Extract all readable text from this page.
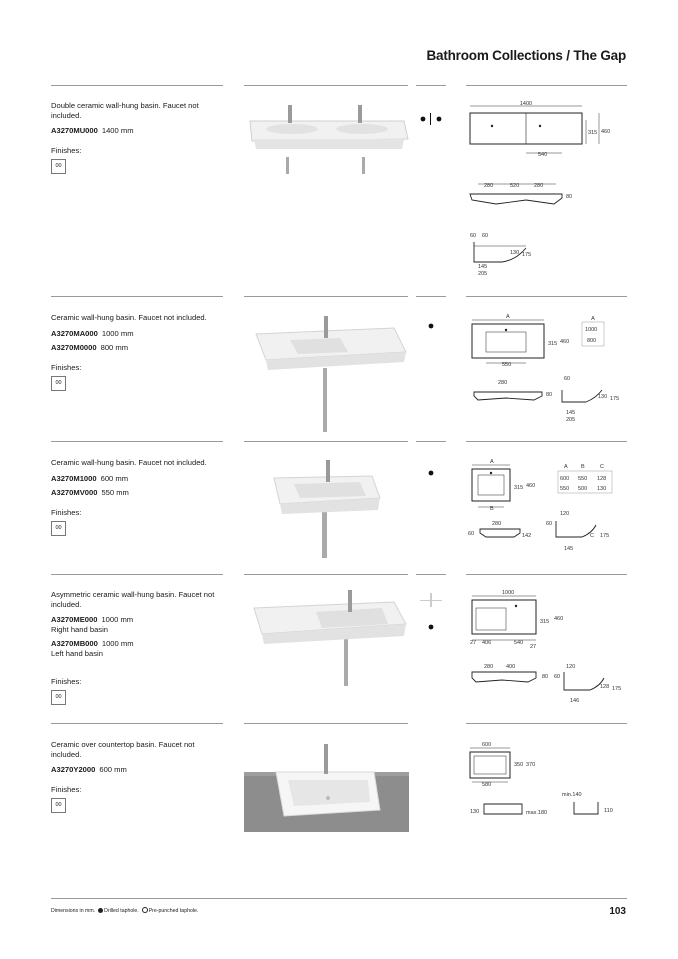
Bathroom Collections / The Gap
Double ceramic wall-hung basin. Faucet not included.
A3270MU000 1400 mm
Finishes:
00
1400
315 460
540
280	520	280
80
60 60
130 175
145
205
Ceramic wall-hung basin. Faucet not included.
A3270MA000 1000 mm
A3270M0000 800 mm
Finishes:
00
A
315 460
550
A
1000
800
280
80
60
130 175
145
205
Ceramic wall-hung basin. Faucet not included.
A3270M1000 600 mm
A3270MV000 550 mm
Finishes:
00
A
315 460
B
A B	C
600 550 128
550 500 130
280
60	142
120
60
C 175
145
Asymmetric ceramic wall-hung basin. Faucet not included.
A3270ME000 1000 mm
Right hand basin
A3270MB000 1000 mm
Left hand basin
Finishes:
00
1000
315 460
27 406	540
27
280 400
80 60
120
128 175
146
Ceramic over countertop basin. Faucet not included.
A3270Y2000 600 mm
Finishes:
00
600
350 370
580
130	max.180
min.140
110
Dimensions in mm. Drilled taphole. Pre-punched taphole.	103
